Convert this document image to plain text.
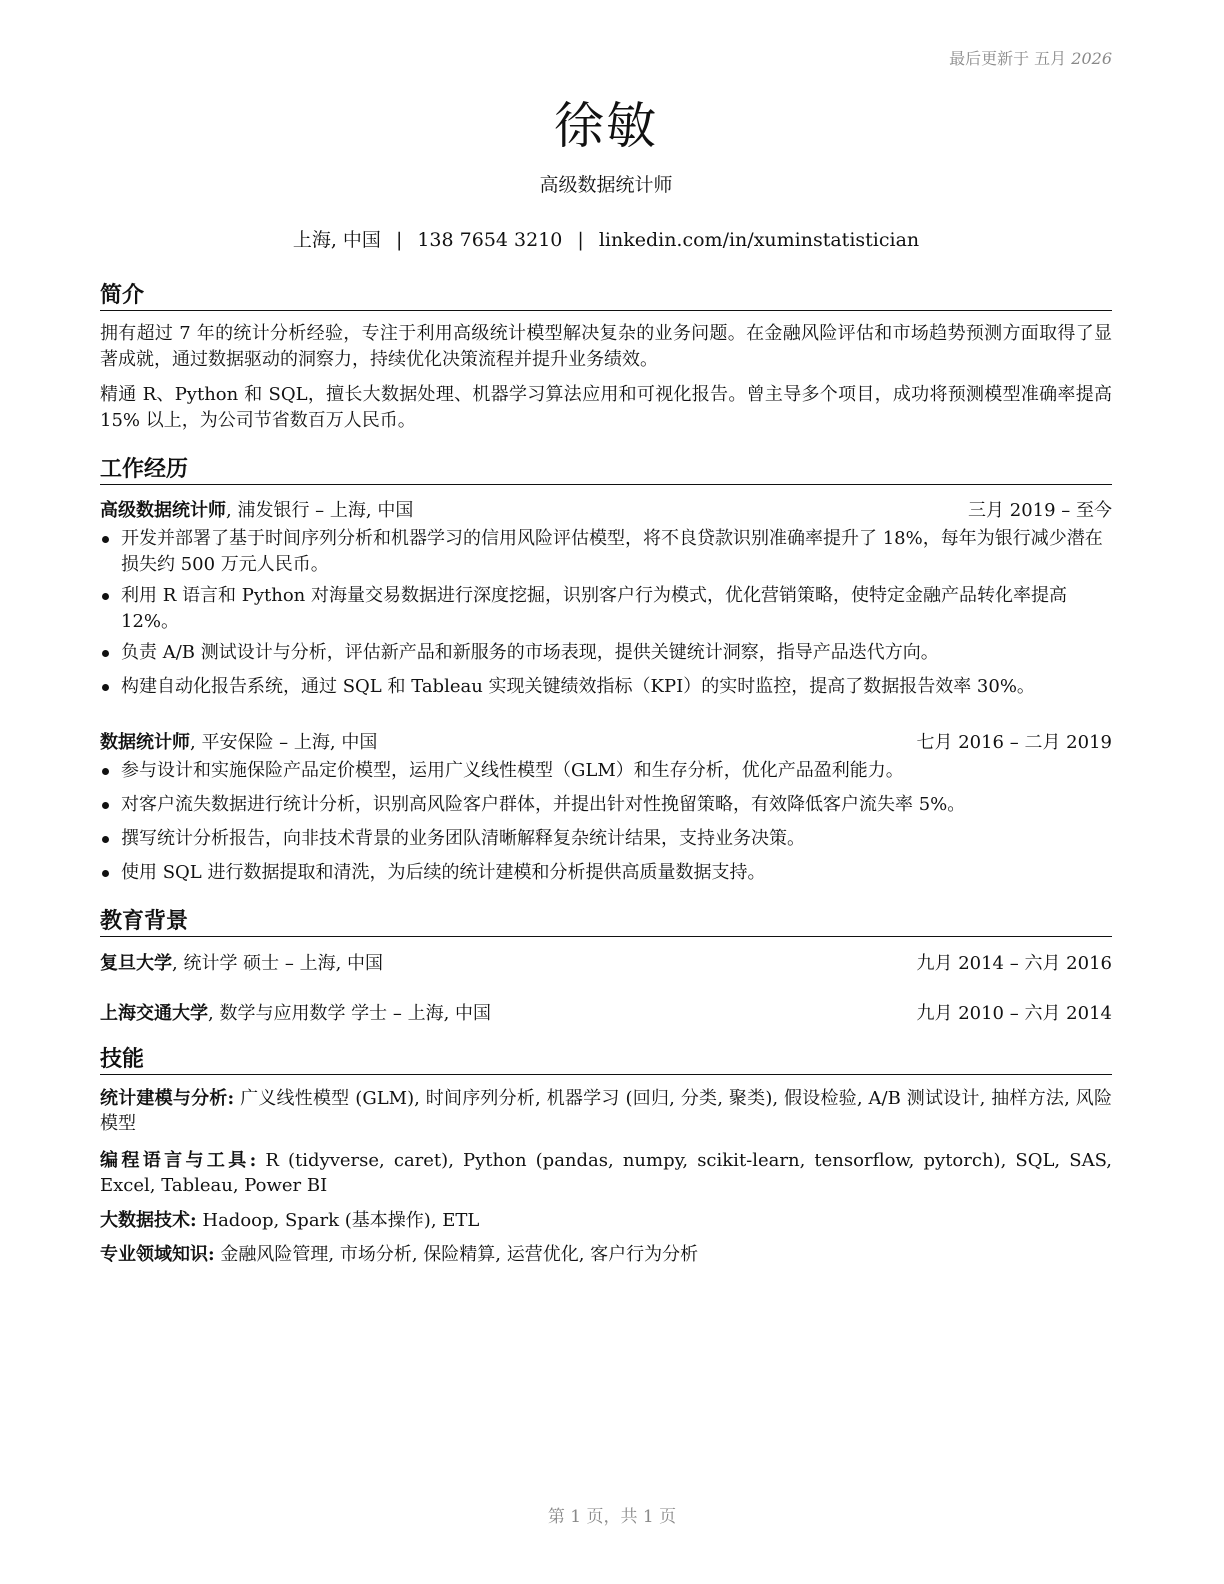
最后更新于 五月 2026
徐敏
高级数据统计师
上海, 中国 | 138 7654 3210 | linkedin.com/in/xuminstatistician
简介
拥有超过 7 年的统计分析经验，专注于利用高级统计模型解决复杂的业务问题。在金融风险评估和市场趋势预测方面取得了显著成就，通过数据驱动的洞察力，持续优化决策流程并提升业务绩效。
精通 R、Python 和 SQL，擅长大数据处理、机器学习算法应用和可视化报告。曾主导多个项目，成功将预测模型准确率提高 15% 以上，为公司节省数百万人民币。
工作经历
高级数据统计师, 浦发银行 – 上海, 中国	三月 2019 – 至今
开发并部署了基于时间序列分析和机器学习的信用风险评估模型，将不良贷款识别准确率提升了 18%，每年为银行减少潜在损失约 500 万元人民币。
利用 R 语言和 Python 对海量交易数据进行深度挖掘，识别客户行为模式，优化营销策略，使特定金融产品转化率提高 12%。
负责 A/B 测试设计与分析，评估新产品和新服务的市场表现，提供关键统计洞察，指导产品迭代方向。
构建自动化报告系统，通过 SQL 和 Tableau 实现关键绩效指标（KPI）的实时监控，提高了数据报告效率 30%。
数据统计师, 平安保险 – 上海, 中国	七月 2016 – 二月 2019
参与设计和实施保险产品定价模型，运用广义线性模型（GLM）和生存分析，优化产品盈利能力。
对客户流失数据进行统计分析，识别高风险客户群体，并提出针对性挽留策略，有效降低客户流失率 5%。
撰写统计分析报告，向非技术背景的业务团队清晰解释复杂统计结果，支持业务决策。
使用 SQL 进行数据提取和清洗，为后续的统计建模和分析提供高质量数据支持。
教育背景
复旦大学, 统计学 硕士 – 上海, 中国	九月 2014 – 六月 2016
上海交通大学, 数学与应用数学 学士 – 上海, 中国	九月 2010 – 六月 2014
技能
统计建模与分析: 广义线性模型 (GLM), 时间序列分析, 机器学习 (回归, 分类, 聚类), 假设检验, A/B 测试设计, 抽样方法, 风险模型
编程语言与工具: R (tidyverse, caret), Python (pandas, numpy, scikit-learn, tensorflow, pytorch), SQL, SAS, Excel, Tableau, Power BI
大数据技术: Hadoop, Spark (基本操作), ETL
专业领域知识: 金融风险管理, 市场分析, 保险精算, 运营优化, 客户行为分析
第 1 页，共 1 页
